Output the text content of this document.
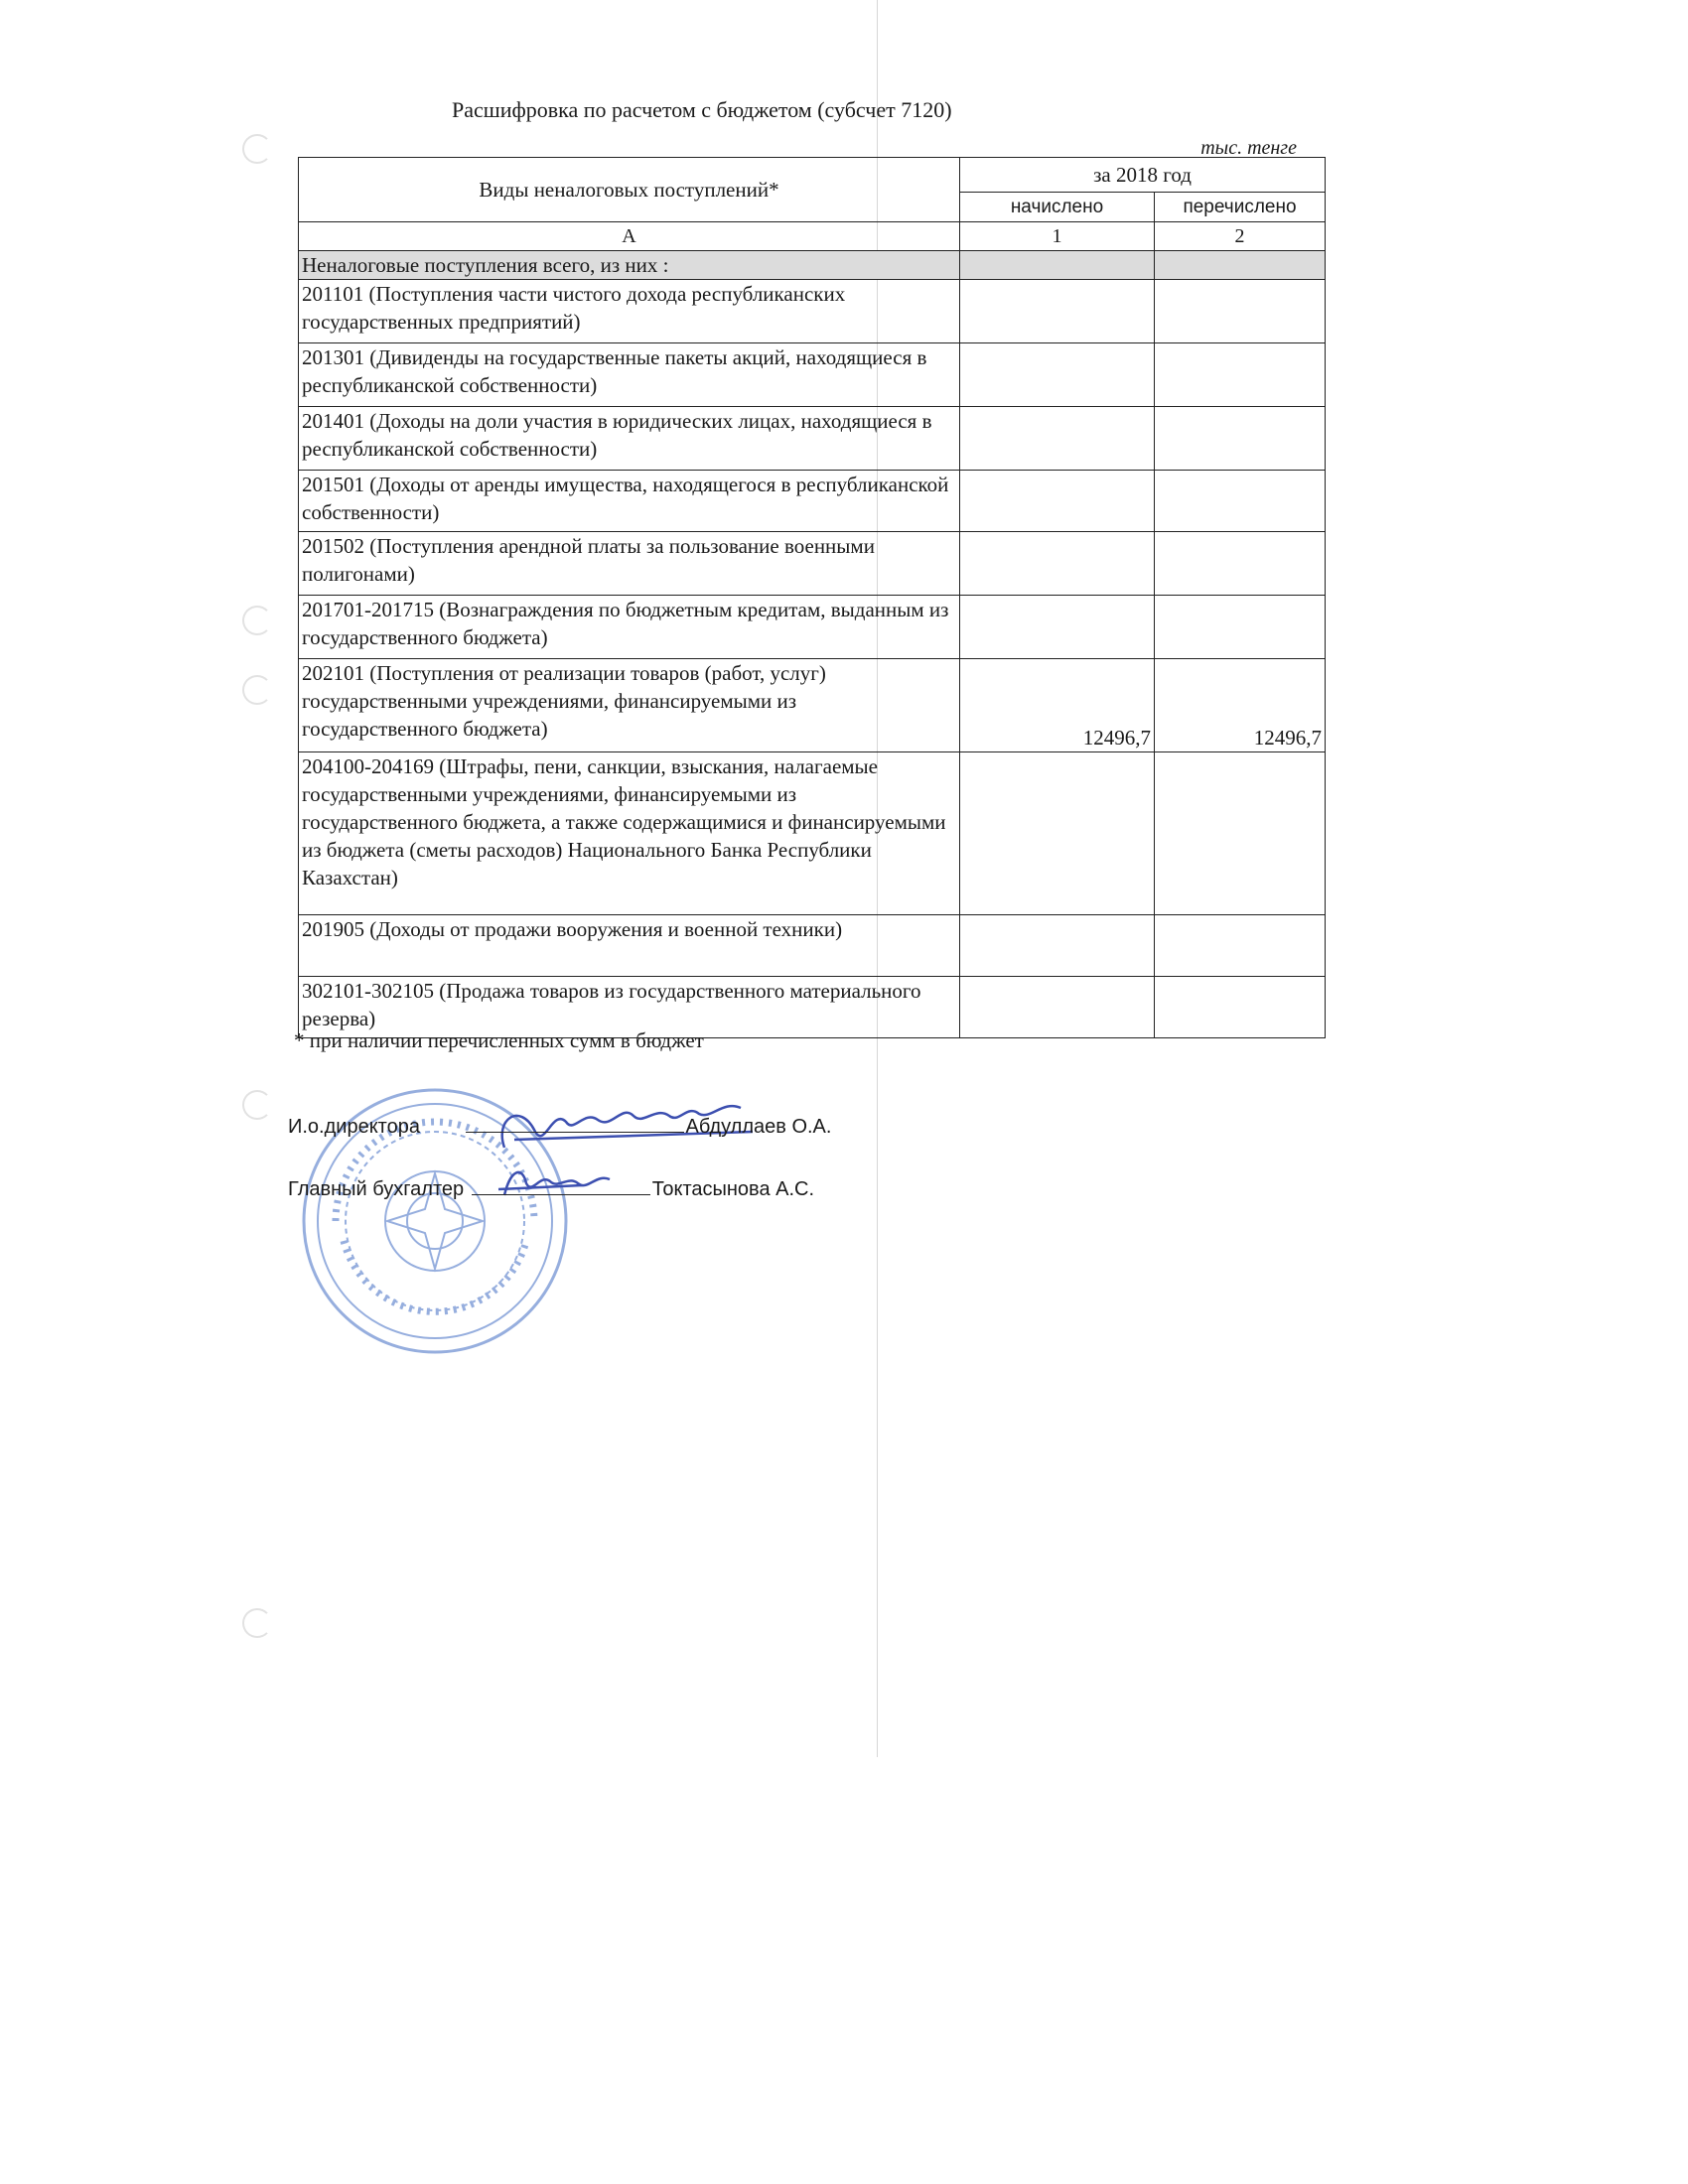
Расшифровка по расчетом с бюджетом (субсчет 7120)
тыс. тенге
Виды неналоговых поступлений*	за 2018 год	
	начислено	перечислено
А	1	2
Неналоговые поступления всего, из них :		
201101 (Поступления части чистого дохода республиканских государственных предприятий)		
201301 (Дивиденды на государственные пакеты акций, находящиеся в республиканской собственности)		
201401 (Доходы на доли участия в юридических лицах, находящиеся в республиканской собственности)		
201501 (Доходы от аренды имущества, находящегося в республиканской собственности)		
201502 (Поступления арендной платы за пользование военными полигонами)		
201701-201715 (Вознаграждения по бюджетным кредитам, выданным из государственного бюджета)		
202101 (Поступления от реализации товаров (работ, услуг) государственными учреждениями, финансируемыми из государственного бюджета)	12496,7	12496,7
204100-204169 (Штрафы, пени, санкции, взыскания, налагаемые государственными учреждениями, финансируемыми из государственного бюджета, а также содержащимися и финансируемыми из бюджета (сметы расходов) Национального Банка Республики Казахстан)		
201905 (Доходы от продажи вооружения и военной техники)		
302101-302105 (Продажа товаров из государственного материального резерва)		
* при наличии перечисленных сумм в бюджет
И.о.директора	Абдуллаев О.А.
Главный бухгалтер	Токтасынова А.С.
